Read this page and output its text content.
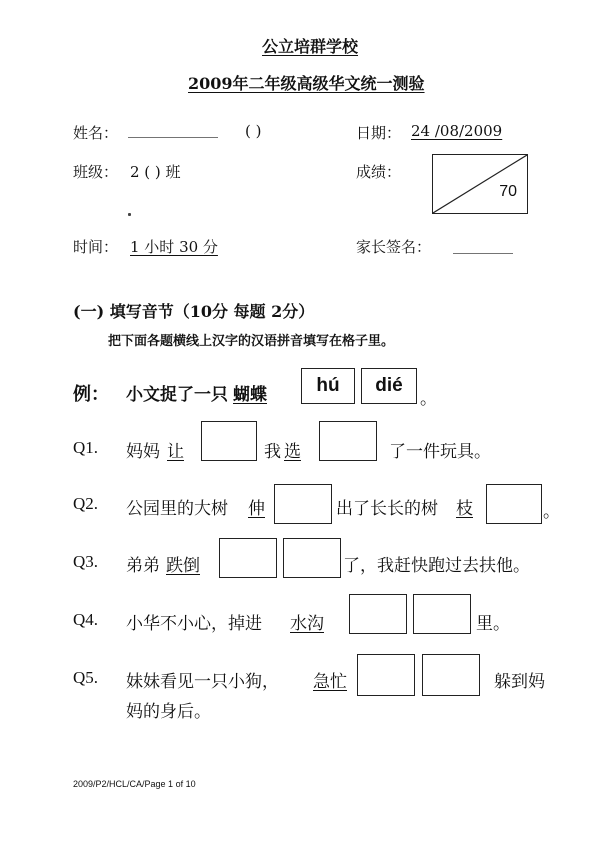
公立培群学校
2009年二年级高级华文统一测验
姓名： ____________ ( )	日期： 24 /08/2009
班级： 2 ( ) 班	成绩：
70
时间： 1 小时 30 分	家长签名： ________
(一) 填写音节（10分 每题 2分）
把下面各题横线上汉字的汉语拼音填写在格子里。
例： 小文捉了一只 蝴蝶	hú dié
。
Q1. 妈妈 让	我 选	了一件玩具。
Q2. 公园里的大树 伸	出了长长的树 枝	。
Q3. 弟弟 跌倒	了，我赶快跑过去扶他。
Q4. 小华不小心，掉进 水沟	里。
Q5. 妹妹看见一只小狗， 急忙	躲到妈
妈的身后。
2009/P2/HCL/CA/Page 1 of 10
